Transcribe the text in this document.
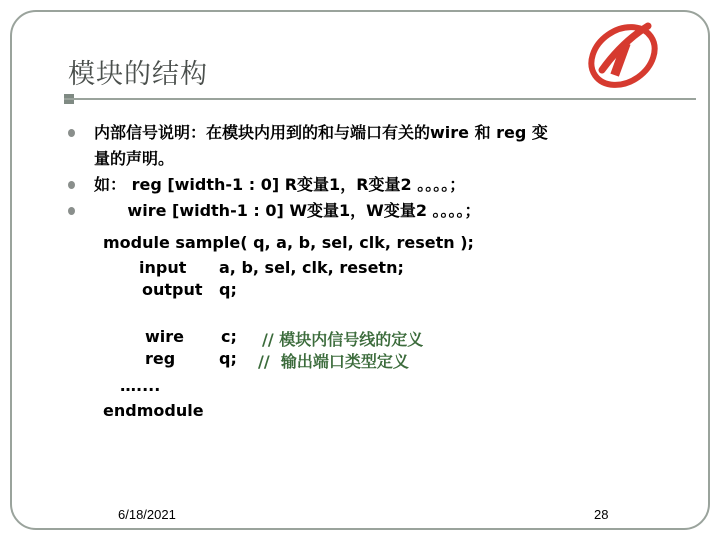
模块的结构
内部信号说明：在模块内用到的和与端口有关的wire 和 reg 变
量的声明。
如： reg [width-1 : 0] R变量1，R变量2 。。。。；
wire [width-1 : 0] W变量1，W变量2 。。。。；
module sample( q, a, b, sel, clk, resetn );
input a, b, sel, clk, resetn;
output q;
wire c; // 模块内信号线的定义
reg	q; //  输出端口类型定义
…....
endmodule
6/18/2021	28
